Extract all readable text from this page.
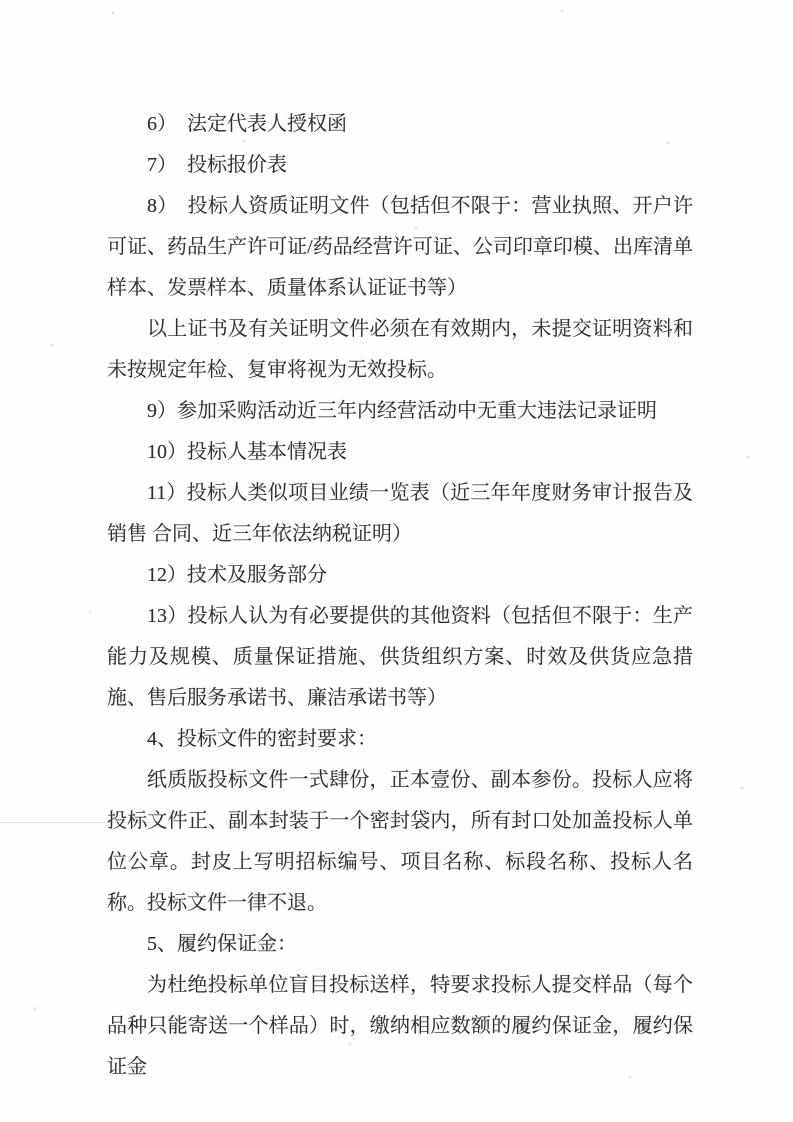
6）　法定代表人授权函

7）　投标报价表

8）　投标人资质证明文件（包括但不限于：营业执照、开户许可证、药品生产许可证/药品经营许可证、公司印章印模、出库清单样本、发票样本、质量体系认证证书等）

以上证书及有关证明文件必须在有效期内，未提交证明资料和未按规定年检、复审将视为无效投标。

9）参加采购活动近三年内经营活动中无重大违法记录证明

10）投标人基本情况表

11）投标人类似项目业绩一览表（近三年年度财务审计报告及销售 合同、近三年依法纳税证明）

12）技术及服务部分

13）投标人认为有必要提供的其他资料（包括但不限于：生产能力及规模、质量保证措施、供货组织方案、时效及供货应急措施、售后服务承诺书、廉洁承诺书等）

4、投标文件的密封要求：

纸质版投标文件一式肆份，正本壹份、副本参份。投标人应将投标文件正、副本封装于一个密封袋内，所有封口处加盖投标人单位公章。封皮上写明招标编号、项目名称、标段名称、投标人名称。投标文件一律不退。

5、履约保证金：

为杜绝投标单位盲目投标送样，特要求投标人提交样品（每个品种只能寄送一个样品）时，缴纳相应数额的履约保证金，履约保证金
